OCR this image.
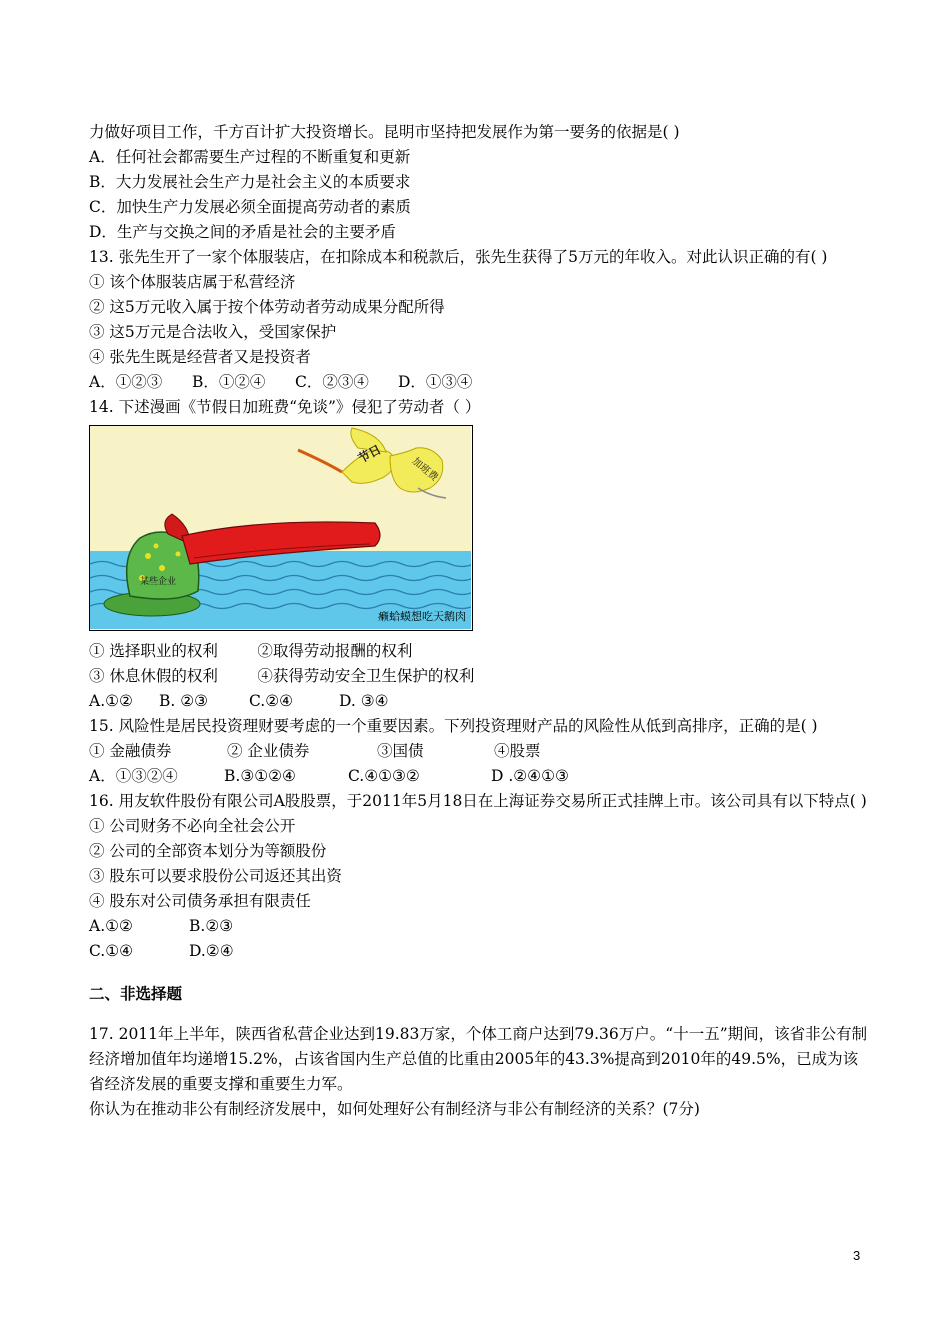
力做好项目工作，千方百计扩大投资增长。昆明市坚持把发展作为第一要务的依据是( )
A．任何社会都需要生产过程的不断重复和更新
B．大力发展社会生产力是社会主义的本质要求
C．加快生产力发展必须全面提高劳动者的素质
D．生产与交换之间的矛盾是社会的主要矛盾
13. 张先生开了一家个体服装店，在扣除成本和税款后，张先生获得了5万元的年收入。对此认识正确的有( )
① 该个体服装店属于私营经济
② 这5万元收入属于按个体劳动者劳动成果分配所得
③ 这5万元是合法收入，受国家保护
④ 张先生既是经营者又是投资者
A．①②③ B．①②④ C．②③④ D．①③④
14. 下述漫画《节假日加班费“免谈”》侵犯了劳动者（ ）
节日
加班费
某些企业
癞蛤蟆想吃天鹅肉
① 选择职业的权利        ②取得劳动报酬的权利
③ 休息休假的权利        ④获得劳动安全卫生保护的权利
A.①② B. ②③	C.②④	D. ③④
15. 风险性是居民投资理财要考虑的一个重要因素。下列投资理财产品的风险性从低到高排序，正确的是( )
① 金融债券	② 企业债券	③国债	④股票
A．①③②④	B.③①②④	C.④①③②	D .②④①③
16. 用友软件股份有限公司A股股票，于2011年5月18日在上海证券交易所正式挂牌上市。该公司具有以下特点( )
① 公司财务不必向全社会公开
② 公司的全部资本划分为等额股份
③ 股东可以要求股份公司返还其出资
④ 股东对公司债务承担有限责任
A.①②	B.②③
C.①④	D.②④
二、非选择题
17. 2011年上半年，陕西省私营企业达到19.83万家，个体工商户达到79.36万户。“十一五”期间，该省非公有制经济增加值年均递增15.2%，占该省国内生产总值的比重由2005年的43.3%提高到2010年的49.5%，已成为该省经济发展的重要支撑和重要生力军。
你认为在推动非公有制经济发展中，如何处理好公有制经济与非公有制经济的关系？(7分)
3
